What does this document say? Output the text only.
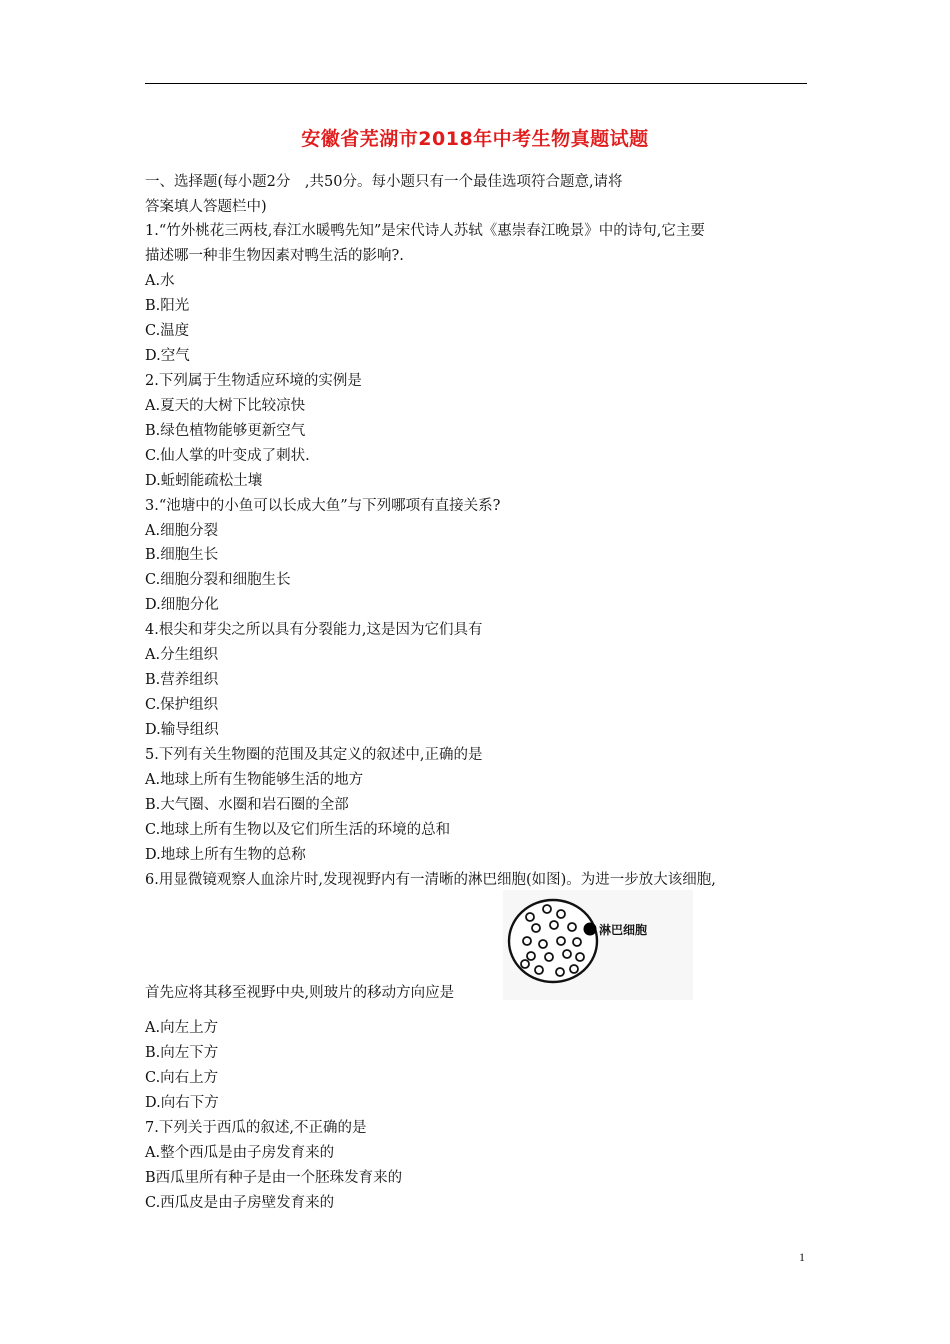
安徽省芜湖市2018年中考生物真题试题
一、选择题(每小题2分　,共50分。每小题只有一个最佳选项符合题意,请将
答案填人答题栏中)
1.“竹外桃花三两枝,春江水暖鸭先知”是宋代诗人苏轼《惠崇春江晚景》中的诗句,它主要
描述哪一种非生物因素对鸭生活的影响?.
A.水
B.阳光
C.温度
D.空气
2.下列属于生物适应环境的实例是
A.夏天的大树下比较凉快
B.绿色植物能够更新空气
C.仙人掌的叶变成了刺状.
D.蚯蚓能疏松土壤
3.“池塘中的小鱼可以长成大鱼”与下列哪项有直接关系?
A.细胞分裂
B.细胞生长
C.细胞分裂和细胞生长
D.细胞分化
4.根尖和芽尖之所以具有分裂能力,这是因为它们具有
A.分生组织
B.营养组织
C.保护组织
D.输导组织
5.下列有关生物圈的范围及其定义的叙述中,正确的是
A.地球上所有生物能够生活的地方
B.大气圈、水圈和岩石圈的全部
C.地球上所有生物以及它们所生活的环境的总和
D.地球上所有生物的总称
6.用显微镜观察人血涂片时,发现视野内有一清晰的淋巴细胞(如图)。为进一步放大该细胞,
淋巴细胞
首先应将其移至视野中央,则玻片的移动方向应是
A.向左上方
B.向左下方
C.向右上方
D.向右下方
7.下列关于西瓜的叙述,不正确的是
A.整个西瓜是由子房发育来的
B西瓜里所有种子是由一个胚珠发育来的
C.西瓜皮是由子房壁发育来的
1
